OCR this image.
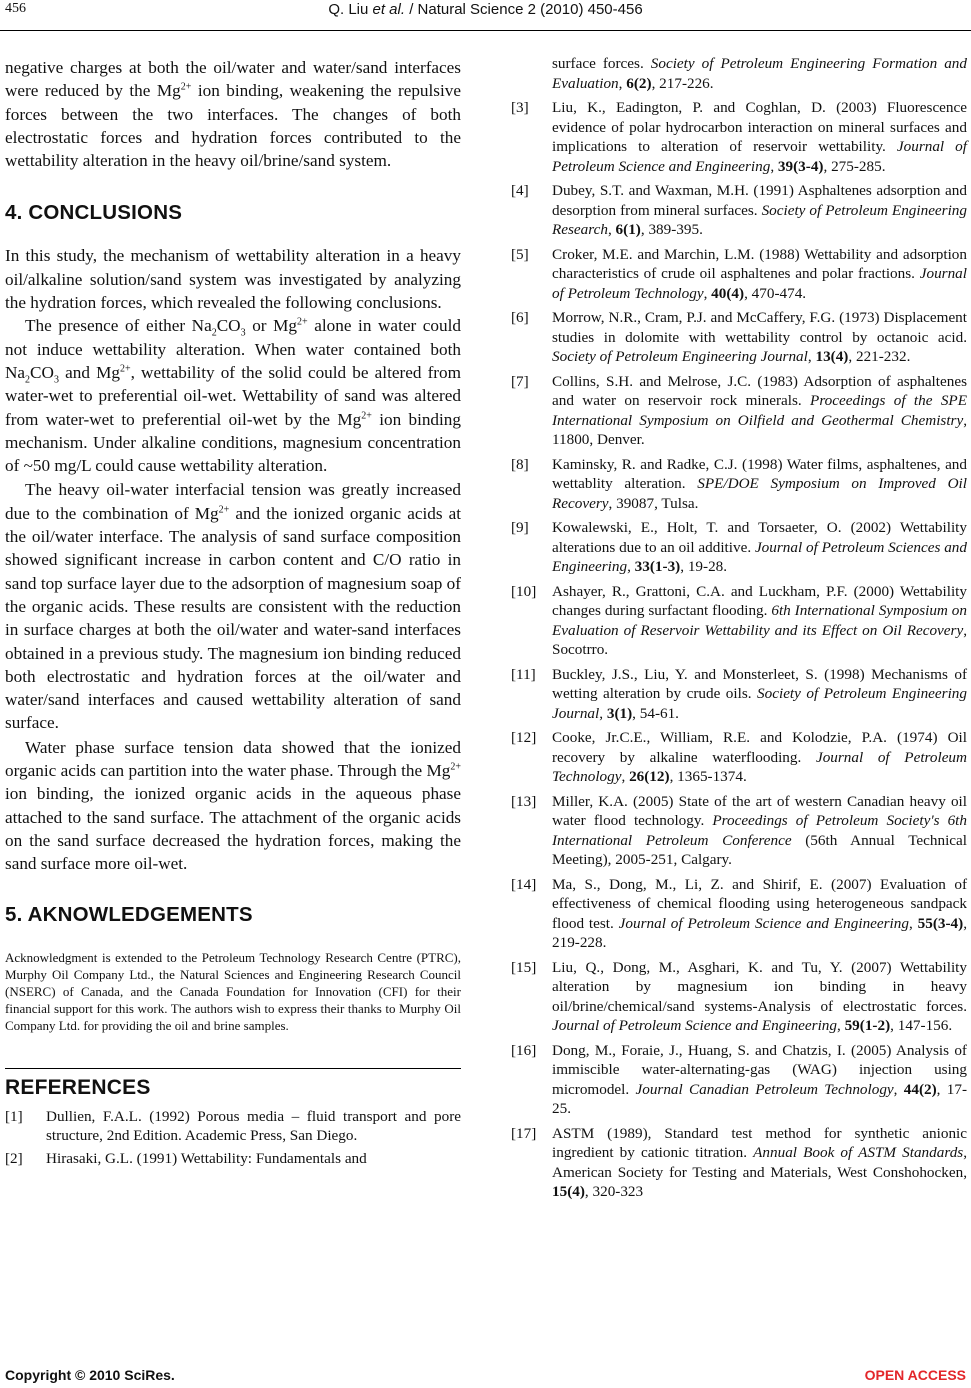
456	Q. Liu et al. / Natural Science 2 (2010) 450-456

negative charges at both the oil/water and water/sand interfaces were reduced by the $Mg^{2+}$ ion binding, weakening the repulsive forces between the two interfaces. The changes of both electrostatic forces and hydration forces contributed to the wettability alteration in the heavy oil/brine/sand system.

4. CONCLUSIONS

In this study, the mechanism of wettability alteration in a heavy oil/alkaline solution/sand system was investigated by analyzing the hydration forces, which revealed the following conclusions.

The presence of either $Na_2CO_3$ or $Mg^{2+}$ alone in water could not induce wettability alteration. When water contained both $Na_2CO_3$ and $Mg^{2+}$, wettability of the solid could be altered from water-wet to preferential oil-wet. Wettability of sand was altered from water-wet to preferential oil-wet by the $Mg^{2+}$ ion binding mechanism. Under alkaline conditions, magnesium concentration of ~50 mg/L could cause wettability alteration.

The heavy oil-water interfacial tension was greatly increased due to the combination of $Mg^{2+}$ and the ionized organic acids at the oil/water interface. The analysis of sand surface composition showed significant increase in carbon content and C/O ratio in sand top surface layer due to the adsorption of magnesium soap of the organic acids. These results are consistent with the reduction in surface charges at both the oil/water and water-sand interfaces obtained in a previous study. The magnesium ion binding reduced both electrostatic and hydration forces at the oil/water and water/sand interfaces and caused wettability alteration of sand surface.

Water phase surface tension data showed that the ionized organic acids can partition into the water phase. Through the $Mg^{2+}$ ion binding, the ionized organic acids in the aqueous phase attached to the sand surface. The attachment of the organic acids on the sand surface decreased the hydration forces, making the sand surface more oil-wet.

5. AKNOWLEDGEMENTS

Acknowledgment is extended to the Petroleum Technology Research Centre (PTRC), Murphy Oil Company Ltd., the Natural Sciences and Engineering Research Council (NSERC) of Canada, and the Canada Foundation for Innovation (CFI) for their financial support for this work. The authors wish to express their thanks to Murphy Oil Company Ltd. for providing the oil and brine samples.

REFERENCES
[1]	Dullien, F.A.L. (1992) Porous media – fluid transport and pore structure, 2nd Edition. Academic Press, San Diego.
[2]	Hirasaki, G.L. (1991) Wettability: Fundamentals and
surface forces. Society of Petroleum Engineering Formation and Evaluation, 6(2), 217-226.
[3]	Liu, K., Eadington, P. and Coghlan, D. (2003) Fluorescence evidence of polar hydrocarbon interaction on mineral surfaces and implications to alteration of reservoir wettability. Journal of Petroleum Science and Engineering, 39(3-4), 275-285.
[4]	Dubey, S.T. and Waxman, M.H. (1991) Asphaltenes adsorption and desorption from mineral surfaces. Society of Petroleum Engineering Research, 6(1), 389-395.
[5]	Croker, M.E. and Marchin, L.M. (1988) Wettability and adsorption characteristics of crude oil asphaltenes and polar fractions. Journal of Petroleum Technology, 40(4), 470-474.
[6]	Morrow, N.R., Cram, P.J. and McCaffery, F.G. (1973) Displacement studies in dolomite with wettability control by octanoic acid. Society of Petroleum Engineering Journal, 13(4), 221-232.
[7]	Collins, S.H. and Melrose, J.C. (1983) Adsorption of asphaltenes and water on reservoir rock minerals. Proceedings of the SPE International Symposium on Oilfield and Geothermal Chemistry, 11800, Denver.
[8]	Kaminsky, R. and Radke, C.J. (1998) Water films, asphaltenes, and wettablity alteration. SPE/DOE Symposium on Improved Oil Recovery, 39087, Tulsa.
[9]	Kowalewski, E., Holt, T. and Torsaeter, O. (2002) Wettability alterations due to an oil additive. Journal of Petroleum Sciences and Engineering, 33(1-3), 19-28.
[10]	Ashayer, R., Grattoni, C.A. and Luckham, P.F. (2000) Wettability changes during surfactant flooding. 6th International Symposium on Evaluation of Reservoir Wettability and its Effect on Oil Recovery, Socotrro.
[11]	Buckley, J.S., Liu, Y. and Monsterleet, S. (1998) Mechanisms of wetting alteration by crude oils. Society of Petroleum Engineering Journal, 3(1), 54-61.
[12]	Cooke, Jr.C.E., William, R.E. and Kolodzie, P.A. (1974) Oil recovery by alkaline waterflooding. Journal of Petroleum Technology, 26(12), 1365-1374.
[13]	Miller, K.A. (2005) State of the art of western Canadian heavy oil water flood technology. Proceedings of Petroleum Society's 6th International Petroleum Conference (56th Annual Technical Meeting), 2005-251, Calgary.
[14]	Ma, S., Dong, M., Li, Z. and Shirif, E. (2007) Evaluation of effectiveness of chemical flooding using heterogeneous sandpack flood test. Journal of Petroleum Science and Engineering, 55(3-4), 219-228.
[15]	Liu, Q., Dong, M., Asghari, K. and Tu, Y. (2007) Wettability alteration by magnesium ion binding in heavy oil/brine/chemical/sand systems-Analysis of electrostatic forces. Journal of Petroleum Science and Engineering, 59(1-2), 147-156.
[16]	Dong, M., Foraie, J., Huang, S. and Chatzis, I. (2005) Analysis of immiscible water-alternating-gas (WAG) injection using micromodel. Journal Canadian Petroleum Technology, 44(2), 17-25.
[17]	ASTM (1989), Standard test method for synthetic anionic ingredient by cationic titration. Annual Book of ASTM Standards, American Society for Testing and Materials, West Conshohocken, 15(4), 320-323
Copyright © 2010 SciRes.	OPEN ACCESS
